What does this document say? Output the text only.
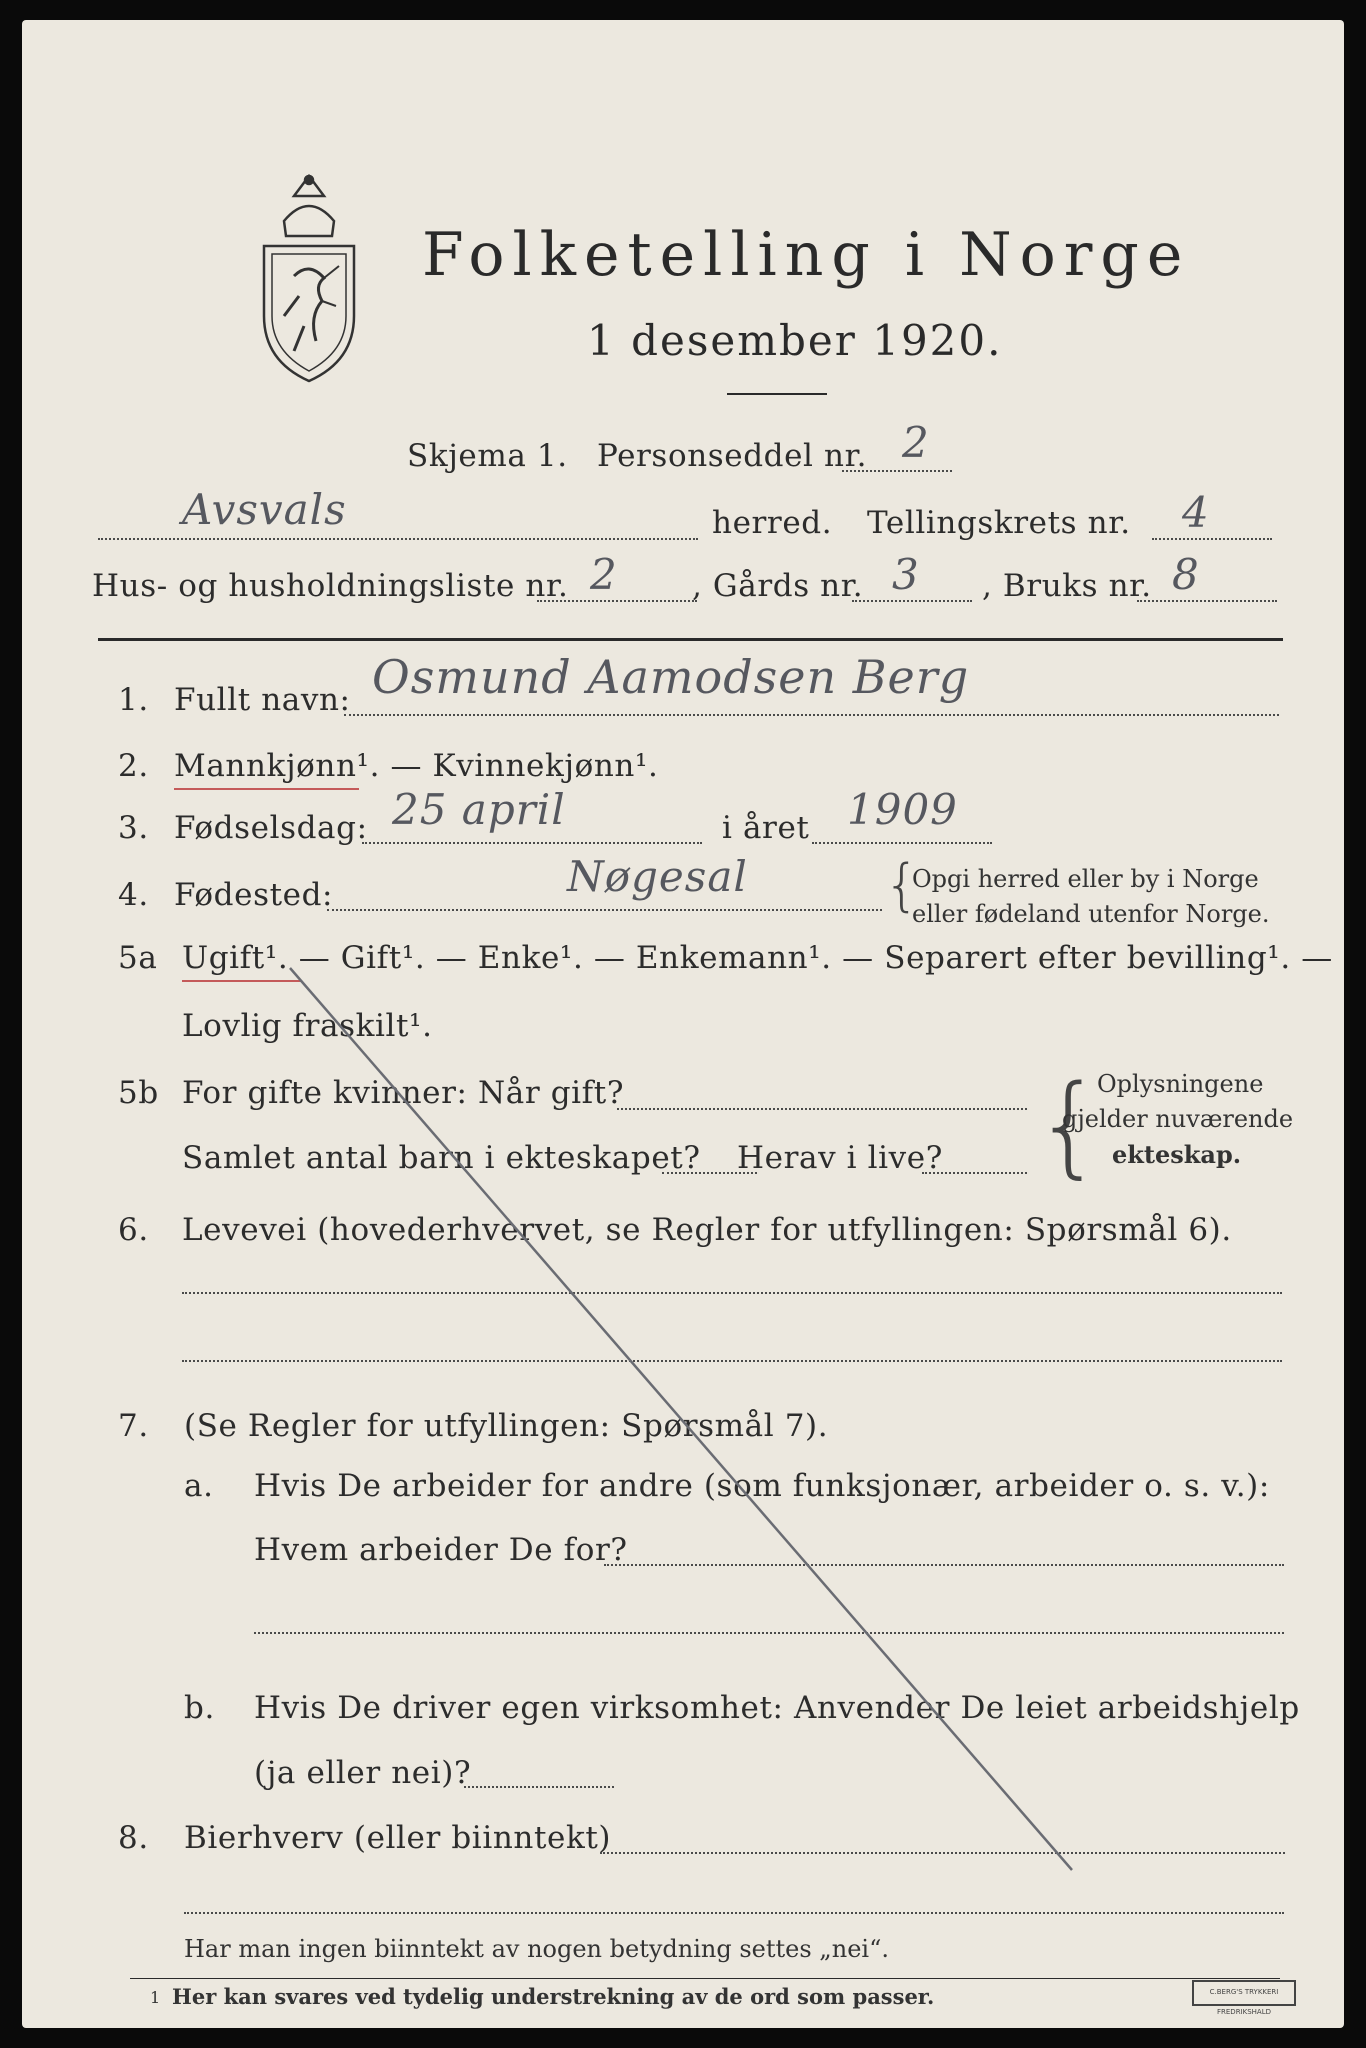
Folketelling i Norge
1 desember 1920.
Skjema 1. Personseddel nr. 2
Avsvals	herred. Tellingskrets nr. 4
Hus- og husholdningsliste nr. 2 , Gårds nr. 3 , Bruks nr. 8
1. Fullt navn: Osmund Aamodsen Berg
2. Mannkjønn¹. — Kvinnekjønn¹.
3. Fødselsdag: 25 april	i året 1909
4. Fødested:	Nøgesal {
Opgi herred eller by i Norge
eller fødeland utenfor Norge.
5a Ugift¹. — Gift¹. — Enke¹. — Enkemann¹. — Separert efter bevilling¹. —
Lovlig fraskilt¹.
5b For gifte kvinner: Når gift?
Samlet antal barn i ekteskapet? Herav i live? {
Oplysningene
gjelder nuværende
ekteskap.
6. Levevei (hovederhvervet, se Regler for utfyllingen: Spørsmål 6).
7. (Se Regler for utfyllingen: Spørsmål 7).
a. Hvis De arbeider for andre (som funksjonær, arbeider o. s. v.):
Hvem arbeider De for?
b. Hvis De driver egen virksomhet: Anvender De leiet arbeidshjelp
(ja eller nei)?
8. Bierhverv (eller biinntekt)
Har man ingen biinntekt av nogen betydning settes „nei“.
1 Her kan svares ved tydelig understrekning av de ord som passer.	C.BERG'S TRYKKERI FREDRIKSHALD
